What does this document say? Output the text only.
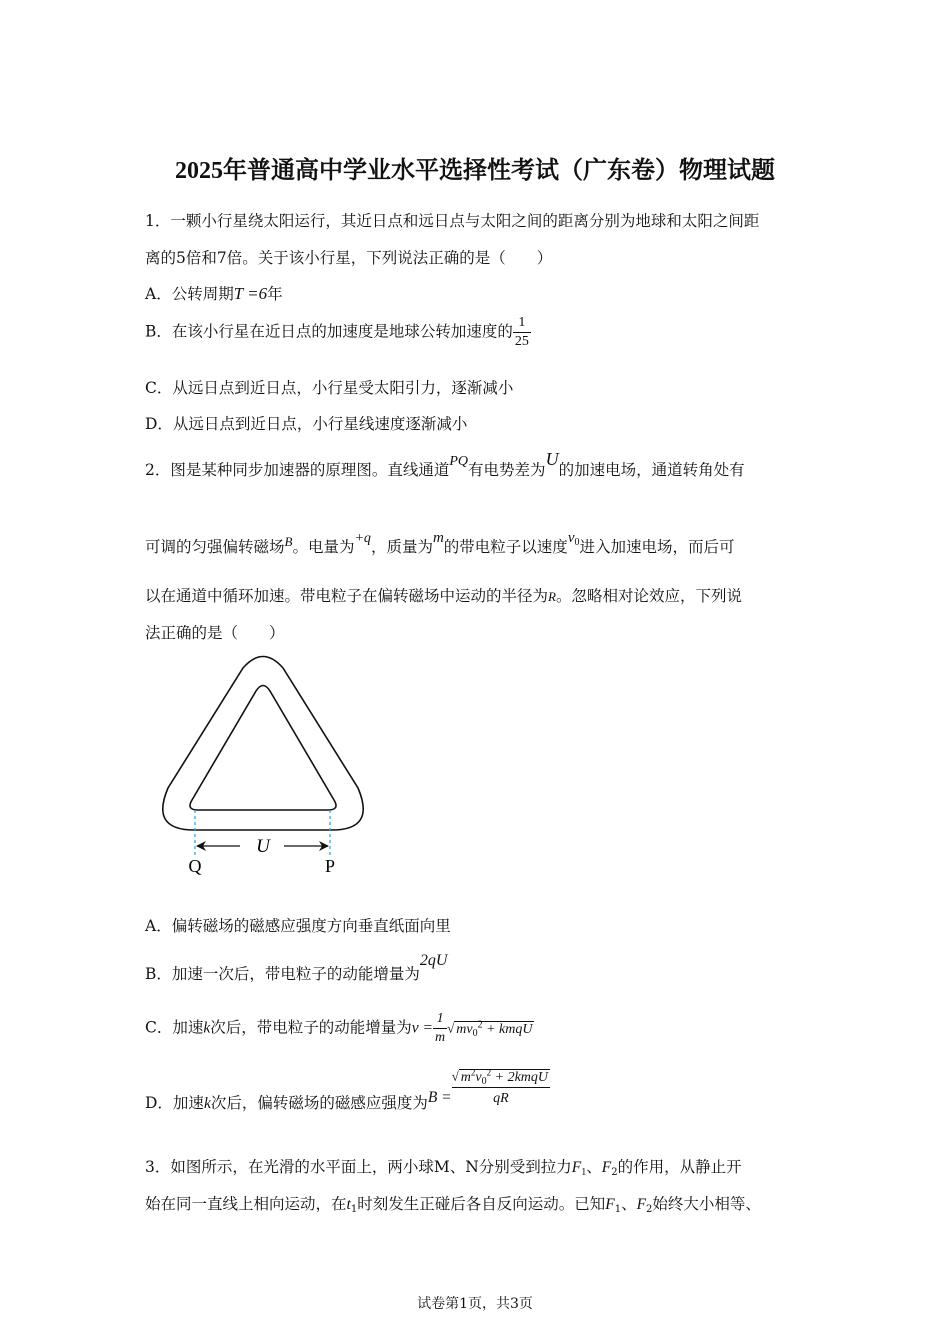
2025年普通高中学业水平选择性考试（广东卷）物理试题
1．一颗小行星绕太阳运行，其近日点和远日点与太阳之间的距离分别为地球和太阳之间距
离的5倍和7倍。关于该小行星，下列说法正确的是（　　）
A．公转周期T =6年
B．在该小行星在近日点的加速度是地球公转加速度的 $\frac{1}{25}$
C．从远日点到近日点，小行星受太阳引力，逐渐减小
D．从远日点到近日点，小行星线速度逐渐减小
2．图是某种同步加速器的原理图。直线通道PQ有电势差为U的加速电场，通道转角处有
可调的匀强偏转磁场$^B$。电量为+q，质量为m的带电粒子以速度$v_0$进入加速电场，而后可
以在通道中循环加速。带电粒子在偏转磁场中运动的半径为R。忽略相对论效应，下列说
法正确的是（　　）
U
Q	P
A．偏转磁场的磁感应强度方向垂直纸面向里
B．加速一次后，带电粒子的动能增量为2qU
C．加速k次后，带电粒子的动能增量为$v = \frac{1}{m}$ √ $mv_0^2$ + kmqU
D．加速k次后，偏转磁场的磁感应强度为B =
√ $m^2v_0^2$ + 2kmqU
qR
3．如图所示，在光滑的水平面上，两小球M、N分别受到拉力$F_1$、$F_2$的作用，从静止开
始在同一直线上相向运动，在$t_1$时刻发生正碰后各自反向运动。已知$F_1$、$F_2$始终大小相等、
试卷第1页，共3页
